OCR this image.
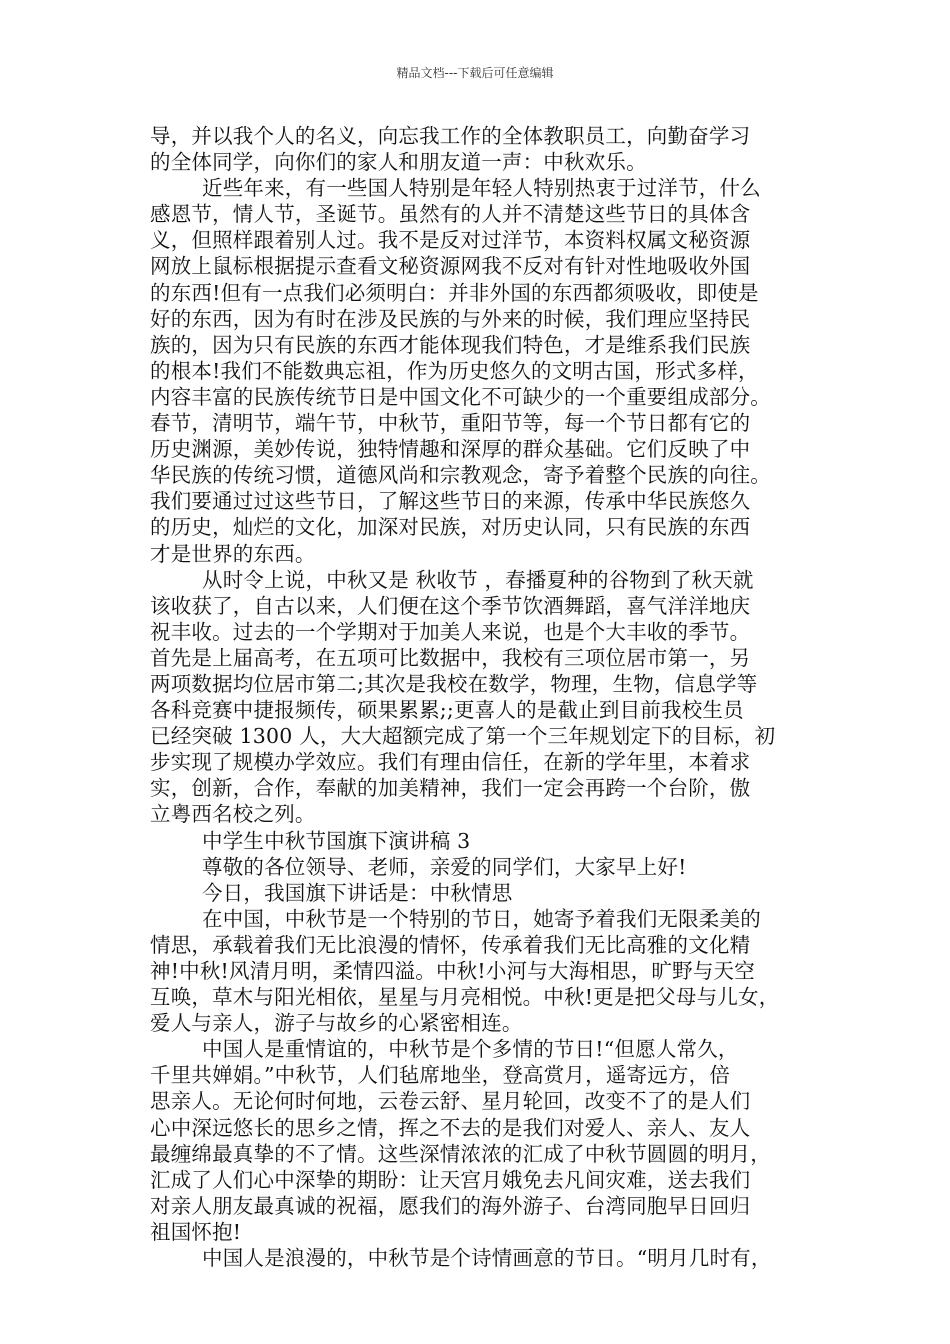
精品文档---下载后可任意编辑
导，并以我个人的名义，向忘我工作的全体教职员工，向勤奋学习
的全体同学，向你们的家人和朋友道一声：中秋欢乐。
近些年来，有一些国人特别是年轻人特别热衷于过洋节，什么
感恩节，情人节，圣诞节。虽然有的人并不清楚这些节日的具体含
义，但照样跟着别人过。我不是反对过洋节，本资料权属文秘资源
网放上鼠标根据提示查看文秘资源网我不反对有针对性地吸收外国
的东西!但有一点我们必须明白：并非外国的东西都须吸收，即使是
好的东西，因为有时在涉及民族的与外来的时候，我们理应坚持民
族的，因为只有民族的东西才能体现我们特色，才是维系我们民族
的根本!我们不能数典忘祖，作为历史悠久的文明古国，形式多样，
内容丰富的民族传统节日是中国文化不可缺少的一个重要组成部分。
春节，清明节，端午节，中秋节，重阳节等，每一个节日都有它的
历史渊源，美妙传说，独特情趣和深厚的群众基础。它们反映了中
华民族的传统习惯，道德风尚和宗教观念，寄予着整个民族的向往。
我们要通过过这些节日，了解这些节日的来源，传承中华民族悠久
的历史，灿烂的文化，加深对民族，对历史认同，只有民族的东西
才是世界的东西。
从时令上说，中秋又是 秋收节 ，春播夏种的谷物到了秋天就
该收获了，自古以来，人们便在这个季节饮酒舞蹈，喜气洋洋地庆
祝丰收。过去的一个学期对于加美人来说，也是个大丰收的季节。
首先是上届高考，在五项可比数据中，我校有三项位居市第一，另
两项数据均位居市第二;其次是我校在数学，物理，生物，信息学等
各科竞赛中捷报频传，硕果累累;;更喜人的是截止到目前我校生员
已经突破 1300 人，大大超额完成了第一个三年规划定下的目标，初
步实现了规模办学效应。我们有理由信任，在新的学年里，本着求
实，创新，合作，奉献的加美精神，我们一定会再跨一个台阶，傲
立粤西名校之列。
中学生中秋节国旗下演讲稿 3
尊敬的各位领导、老师，亲爱的同学们，大家早上好!
今日，我国旗下讲话是：中秋情思
在中国，中秋节是一个特别的节日，她寄予着我们无限柔美的
情思，承载着我们无比浪漫的情怀，传承着我们无比高雅的文化精
神!中秋!风清月明，柔情四溢。中秋!小河与大海相思，旷野与天空
互唤，草木与阳光相依，星星与月亮相悦。中秋!更是把父母与儿女，
爱人与亲人，游子与故乡的心紧密相连。
中国人是重情谊的，中秋节是个多情的节日!“但愿人常久，
千里共婵娟。”中秋节，人们毡席地坐，登高赏月，遥寄远方，倍
思亲人。无论何时何地，云卷云舒、星月轮回，改变不了的是人们
心中深远悠长的思乡之情，挥之不去的是我们对爱人、亲人、友人
最缠绵最真挚的不了情。这些深情浓浓的汇成了中秋节圆圆的明月，
汇成了人们心中深挚的期盼：让天宫月娥免去凡间灾难，送去我们
对亲人朋友最真诚的祝福，愿我们的海外游子、台湾同胞早日回归
祖国怀抱!
中国人是浪漫的，中秋节是个诗情画意的节日。“明月几时有，
